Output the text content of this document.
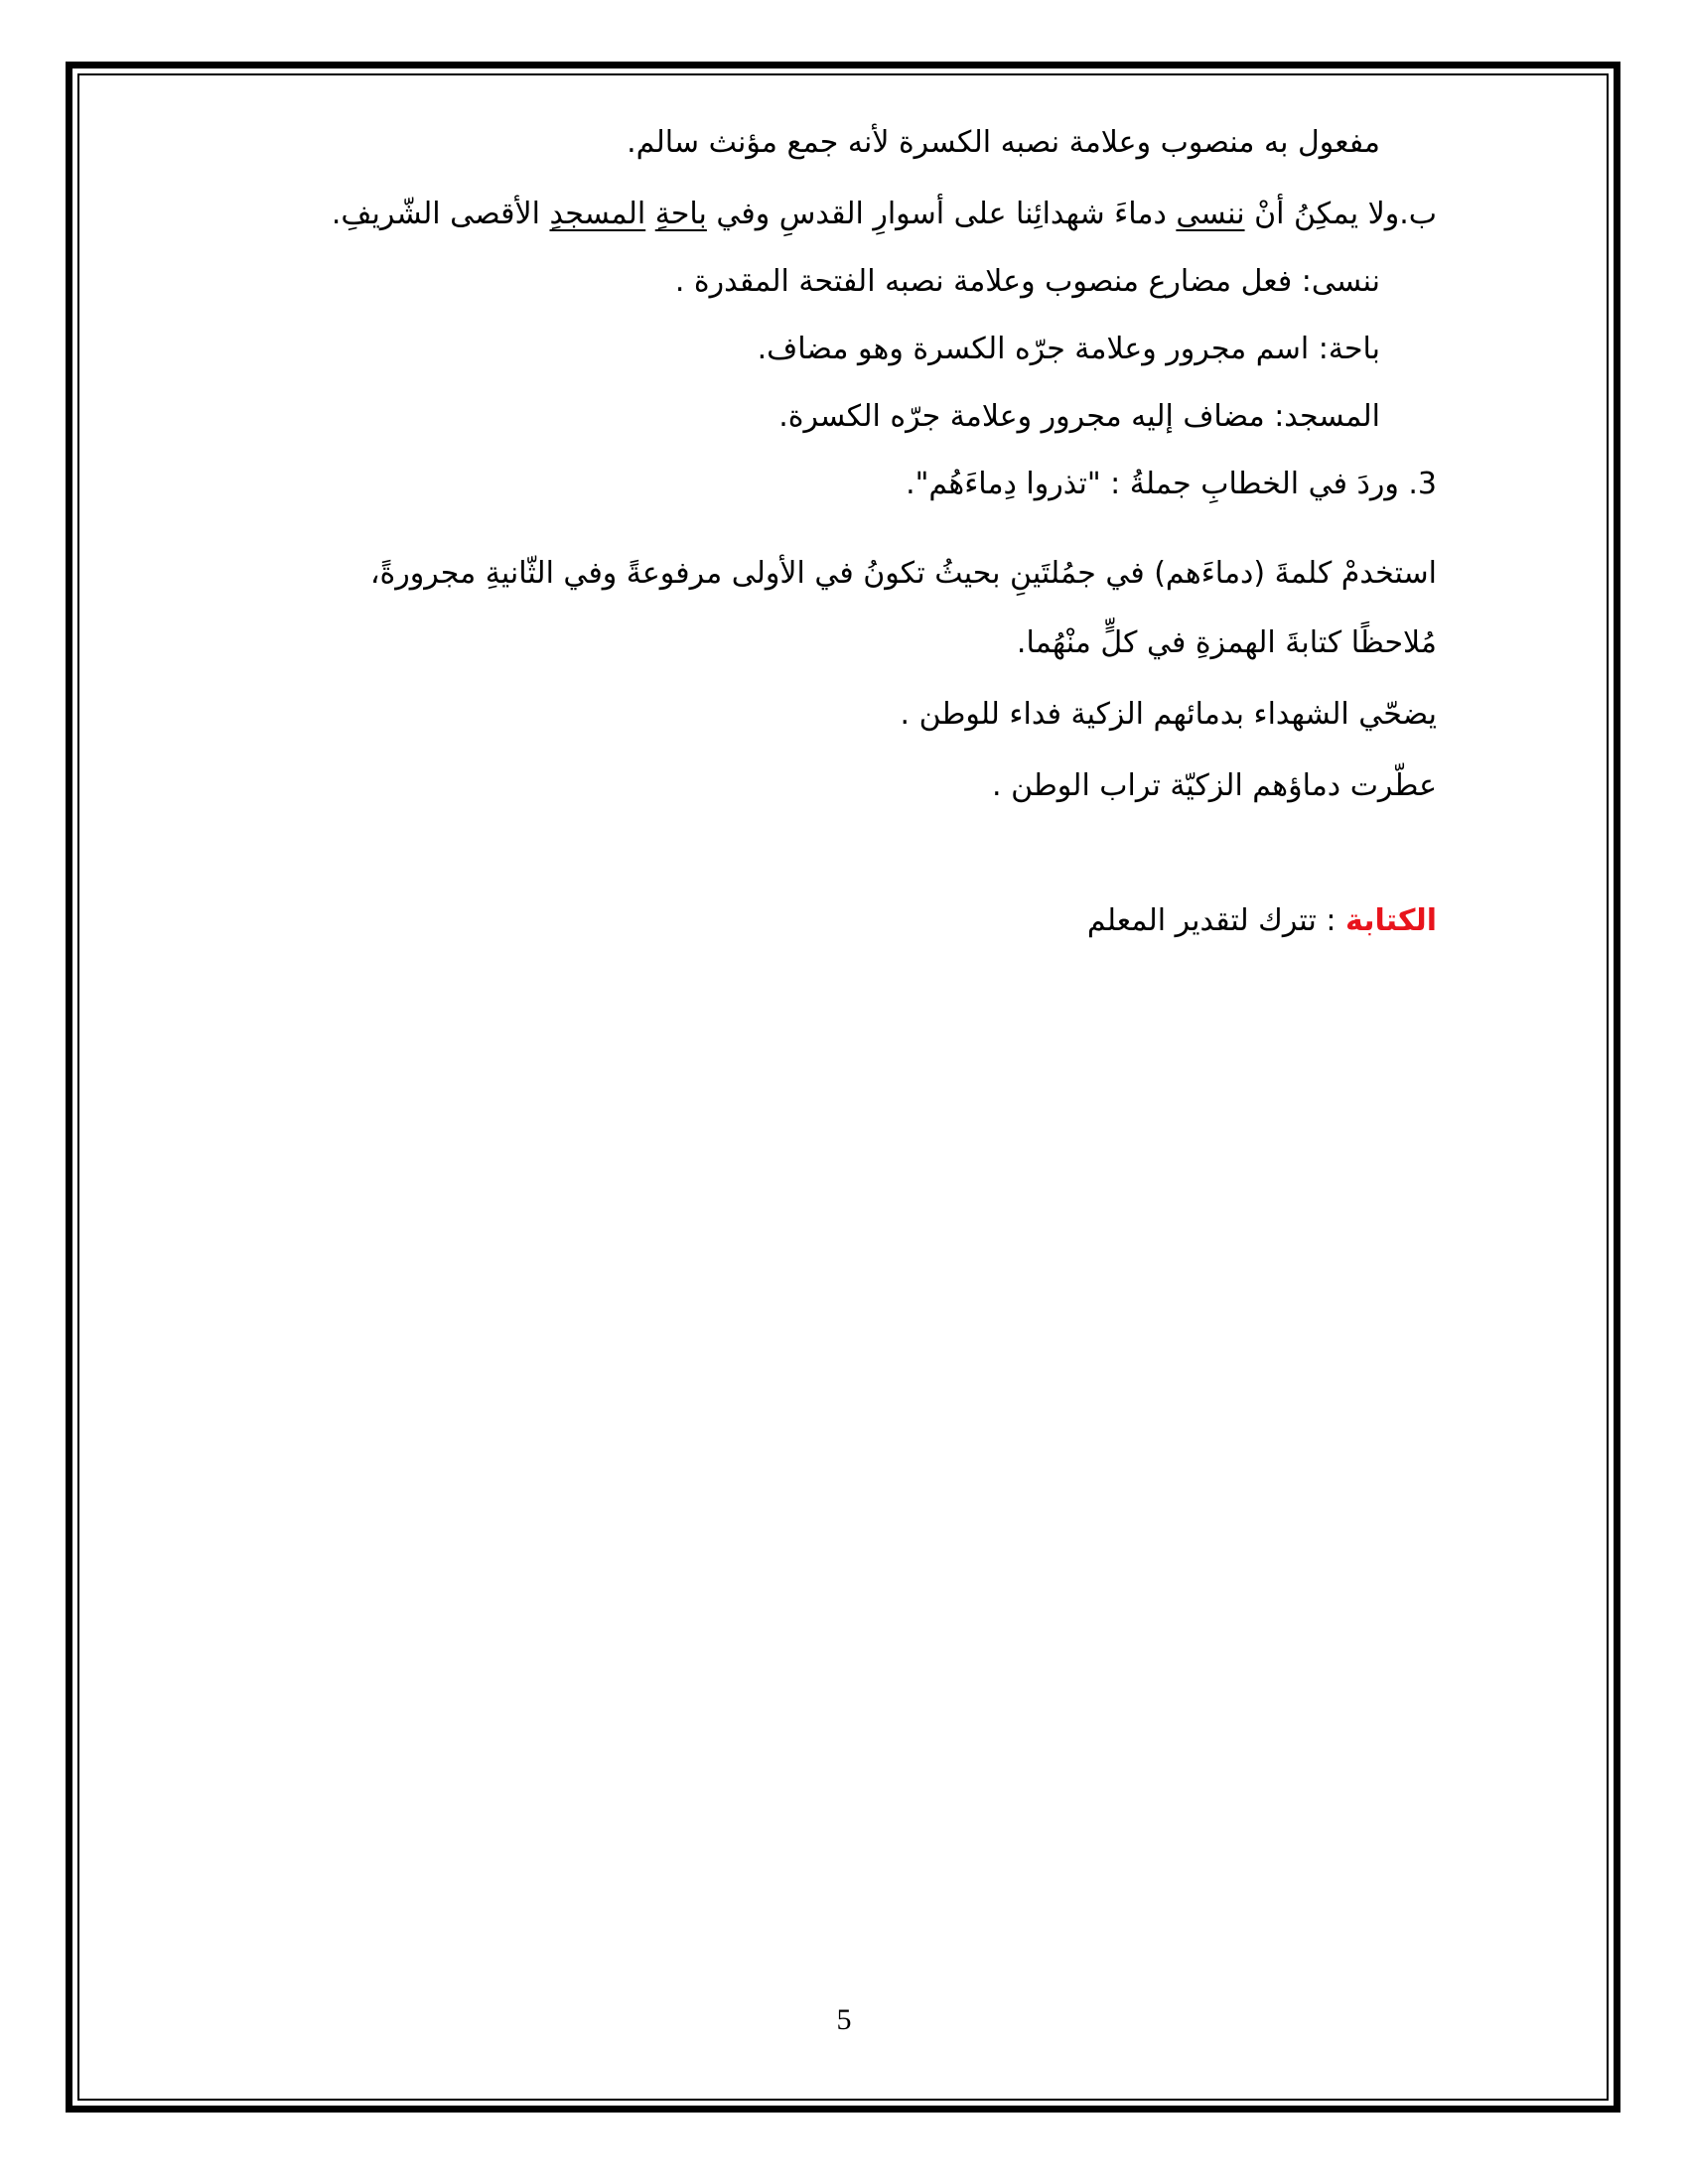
مفعول به منصوب وعلامة نصبه الكسرة لأنه جمع مؤنث سالم.
ب.ولا يمكِنُ أنْ ننسى دماءَ شهدائِنا على أسوارِ القدسِ وفي باحةِ المسجدِ الأقصى الشّريفِ.
ننسى: فعل مضارع منصوب وعلامة نصبه الفتحة المقدرة .
باحة: اسم مجرور وعلامة جرّه الكسرة وهو مضاف.
المسجد: مضاف إليه مجرور وعلامة جرّه الكسرة.
3. وردَ في الخطابِ جملةُ : "تذروا دِماءَهُم".
استخدمْ كلمةَ (دماءَهم) في جمُلتَينِ بحيثُ تكونُ في الأولى مرفوعةً وفي الثّانيةِ مجرورةً،
مُلاحظًا كتابةَ الهمزةِ في كلٍّ منْهُما.
يضحّي الشهداء بدمائهم الزكية فداء للوطن .
عطّرت دماؤهم الزكيّة تراب الوطن .
الكتابة : تترك لتقدير المعلم
5
